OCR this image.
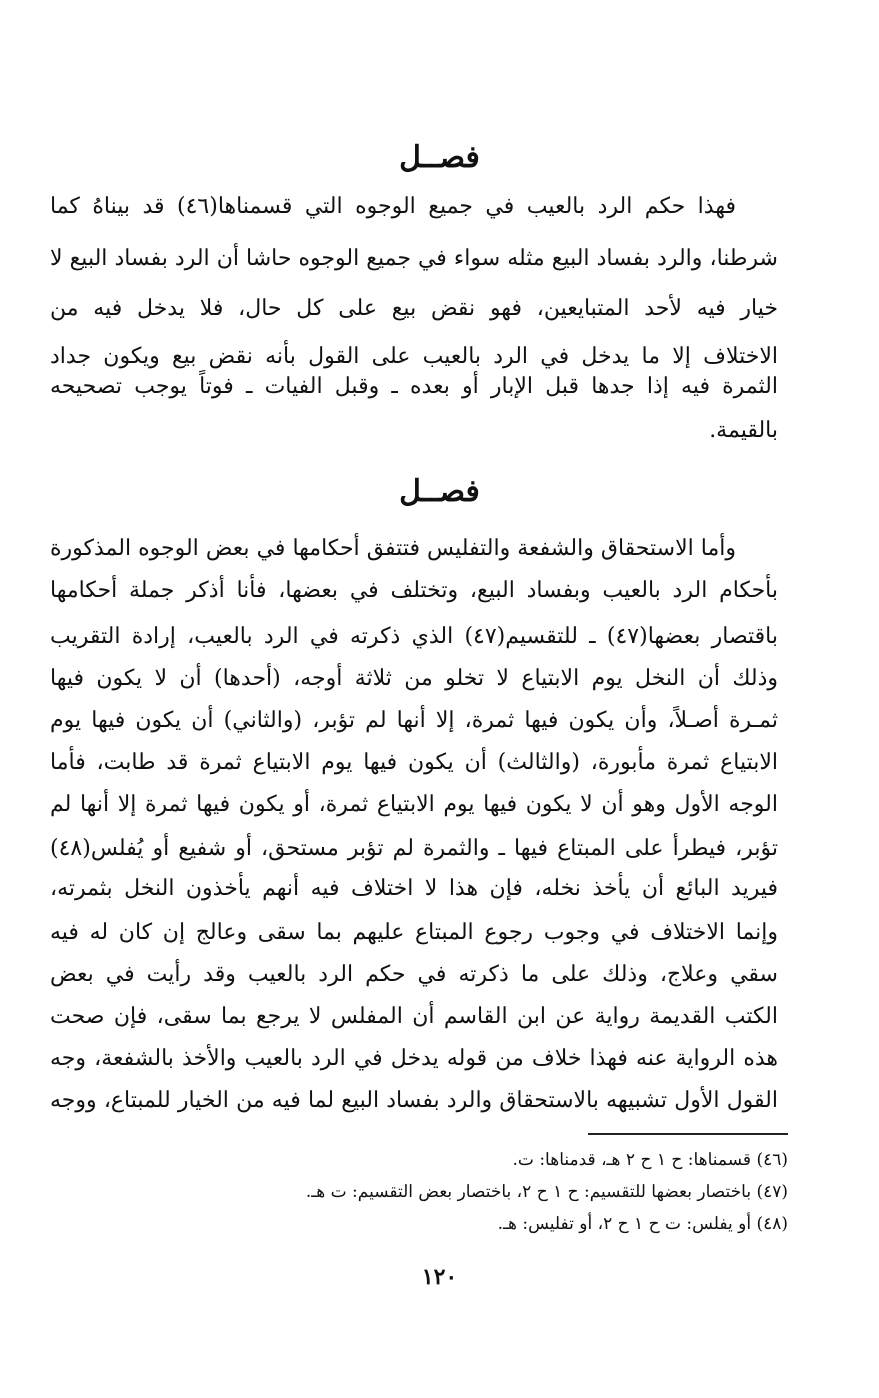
فصــل
فهذا حكم الرد بالعيب في جميع الوجوه التي قسمناها(٤٦) قد بيناهُ كما
شرطنا، والرد بفساد البيع مثله سواء في جميع الوجوه حاشا أن الرد بفساد البيع لا
خيار فيه لأحد المتبايعين، فهو نقض بيع على كل حال، فلا يدخل فيه من
الاختلاف إلا ما يدخل في الرد بالعيب على القول بأنه نقض بيع ويكون جداد
الثمرة فيه إذا جدها قبل الإبار أو بعده ـ وقبل الفيات ـ فوتاً يوجب تصحيحه
بالقيمة.
فصــل
وأما الاستحقاق والشفعة والتفليس فتتفق أحكامها في بعض الوجوه المذكورة
بأحكام الرد بالعيب وبفساد البيع، وتختلف في بعضها، فأنا أذكر جملة أحكامها
باقتصار بعضها(٤٧) ـ للتقسيم(٤٧) الذي ذكرته في الرد بالعيب، إرادة التقريب
وذلك أن النخل يوم الابتياع لا تخلو من ثلاثة أوجه، (أحدها) أن لا يكون فيها
ثمـرة أصـلاً، وأن يكون فيها ثمرة، إلا أنها لم تؤبر، (والثاني) أن يكون فيها يوم
الابتياع ثمرة مأبورة، (والثالث) أن يكون فيها يوم الابتياع ثمرة قد طابت، فأما
الوجه الأول وهو أن لا يكون فيها يوم الابتياع ثمرة، أو يكون فيها ثمرة إلا أنها لم
تؤبر، فيطرأ على المبتاع فيها ـ والثمرة لم تؤبر مستحق، أو شفيع أو يُفلس(٤٨)
فيريد البائع أن يأخذ نخله، فإن هذا لا اختلاف فيه أنهم يأخذون النخل بثمرته،
وإنما الاختلاف في وجوب رجوع المبتاع عليهم بما سقى وعالج إن كان له فيه
سقي وعلاج، وذلك على ما ذكرته في حكم الرد بالعيب وقد رأيت في بعض
الكتب القديمة رواية عن ابن القاسم أن المفلس لا يرجع بما سقى، فإن صحت
هذه الرواية عنه فهذا خلاف من قوله يدخل في الرد بالعيب والأخذ بالشفعة، وجه
القول الأول تشبيهه بالاستحقاق والرد بفساد البيع لما فيه من الخيار للمبتاع، ووجه
(٤٦) قسمناها: ح ١ ح ٢ هـ، قدمناها: ت.
(٤٧) باختصار بعضها للتقسيم: ح ١ ح ٢، باختصار بعض التقسيم: ت هـ.
(٤٨) أو يفلس: ت ح ١ ح ٢، أو تفليس: هـ.
١٢٠
